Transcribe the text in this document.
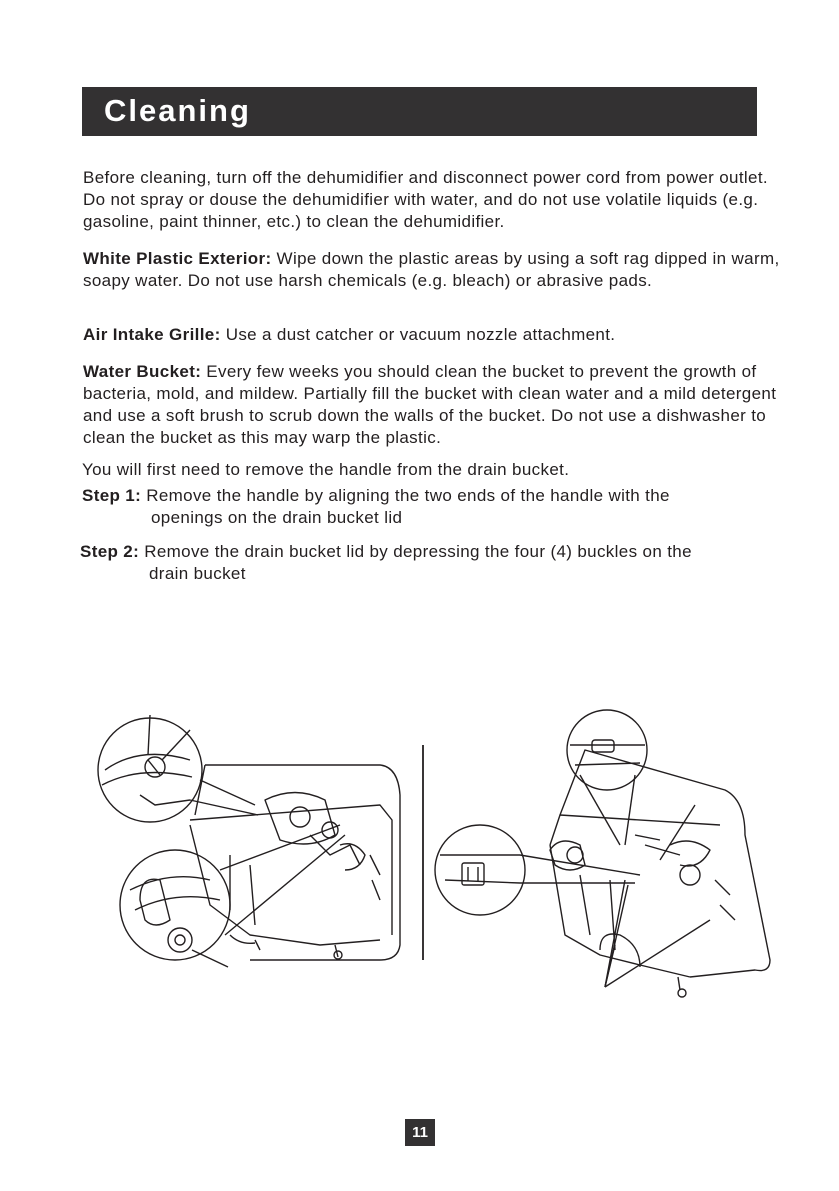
Cleaning

Before cleaning, turn off the dehumidifier and disconnect power cord from power outlet. Do not spray or douse the dehumidifier with water, and do not use volatile liquids (e.g. gasoline, paint thinner, etc.) to clean the dehumidifier.

White Plastic Exterior: Wipe down the plastic areas by using a soft rag dipped in warm, soapy water. Do not use harsh chemicals (e.g. bleach) or abrasive pads.

Air Intake Grille: Use a dust catcher or vacuum nozzle attachment.

Water Bucket: Every few weeks you should clean the bucket to prevent the growth of bacteria, mold, and mildew. Partially fill the bucket with clean water and a mild detergent and use a soft brush to scrub down the walls of the bucket. Do not use a dishwasher to clean the bucket as this may warp the plastic.

You will first need to remove the handle from the drain bucket.

Step 1: Remove the handle by aligning the two ends of the handle with the
openings on the drain bucket lid
Step 2: Remove the drain bucket lid by depressing the four (4) buckles on the
drain bucket
11
